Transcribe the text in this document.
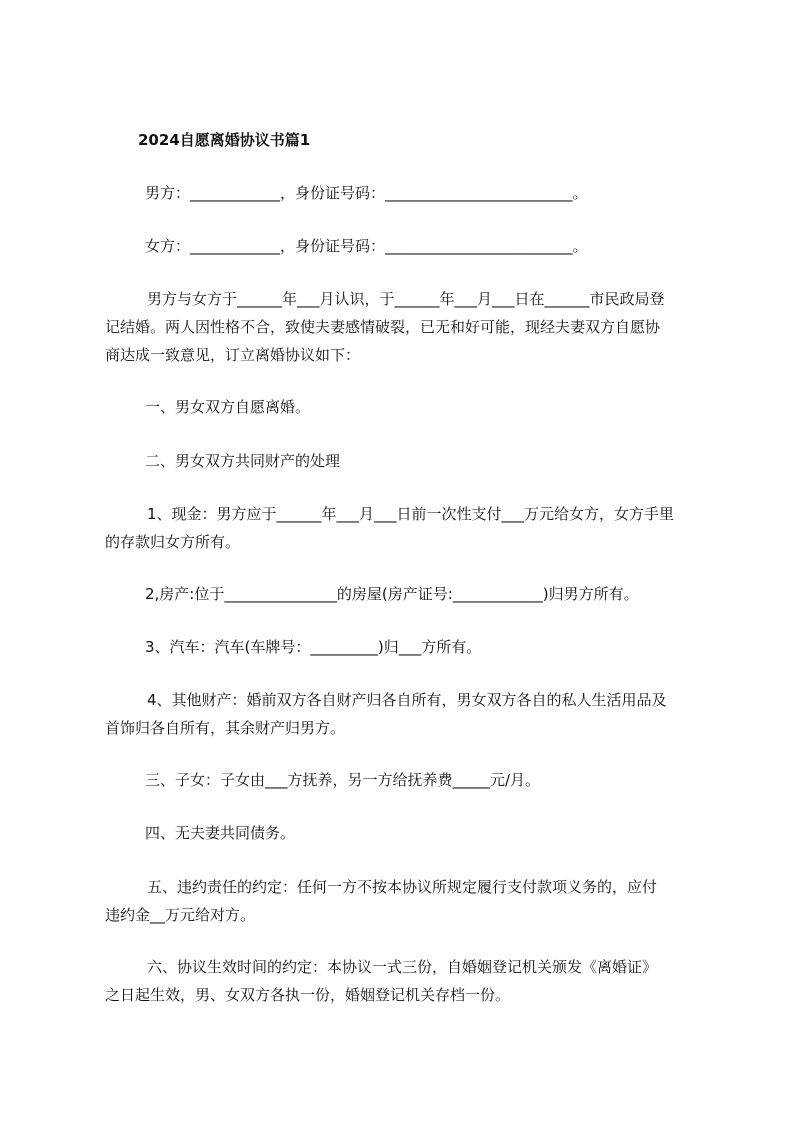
2024自愿离婚协议书篇1

男方：____________，身份证号码：_________________________。

女方：____________，身份证号码：_________________________。

男方与女方于______年___月认识，于______年___月___日在______市民政局登

记结婚。两人因性格不合，致使夫妻感情破裂，已无和好可能，现经夫妻双方自愿协

商达成一致意见，订立离婚协议如下：

一、男女双方自愿离婚。

二、男女双方共同财产的处理

1、现金：男方应于______年___月___日前一次性支付___万元给女方，女方手里

的存款归女方所有。

2,房产:位于_______________的房屋(房产证号:____________)归男方所有。

3、汽车：汽车(车牌号：_________)归___方所有。

4、其他财产：婚前双方各自财产归各自所有，男女双方各自的私人生活用品及

首饰归各自所有，其余财产归男方。

三、子女：子女由___方抚养，另一方给抚养费_____元/月。

四、无夫妻共同债务。

五、违约责任的约定：任何一方不按本协议所规定履行支付款项义务的，应付

违约金__万元给对方。

六、协议生效时间的约定：本协议一式三份，自婚姻登记机关颁发《离婚证》

之日起生效，男、女双方各执一份，婚姻登记机关存档一份。
